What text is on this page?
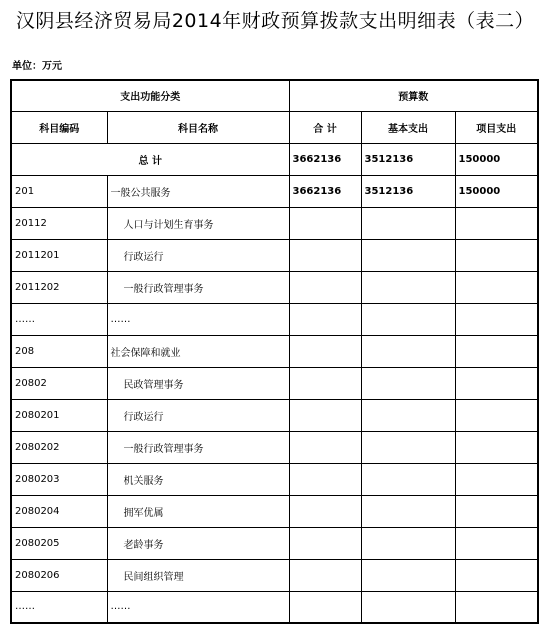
汉阴县经济贸易局2014年财政预算拨款支出明细表（表二）
单位：万元
支出功能分类		预算数		
科目编码	科目名称	合 计	基本支出	项目支出
总 计		3662136	3512136	150000
201	一般公共服务	3662136	3512136	150000
20112	人口与计划生育事务			
2011201	行政运行			
2011202	一般行政管理事务			
……	……			
208	社会保障和就业			
20802	民政管理事务			
2080201	行政运行			
2080202	一般行政管理事务			
2080203	机关服务			
2080204	拥军优属			
2080205	老龄事务			
2080206	民间组织管理			
……	……			
